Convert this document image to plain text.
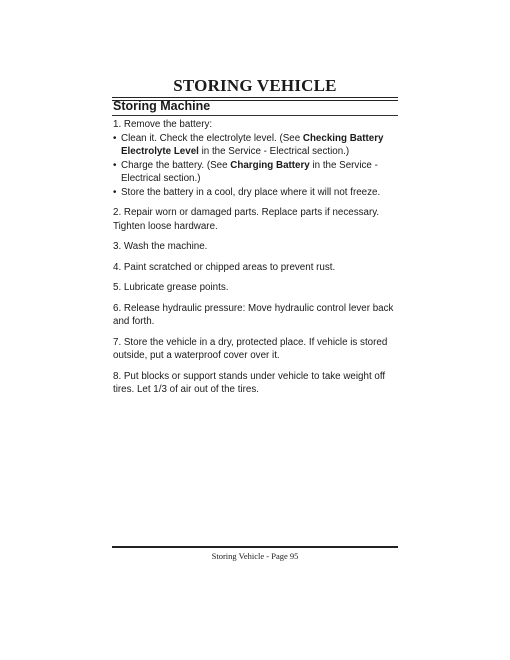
STORING VEHICLE
Storing Machine

1. Remove the battery:

• Clean it. Check the electrolyte level. (See Checking Battery Electrolyte Level in the Service - Electrical section.)

• Charge the battery. (See Charging Battery in the Service - Electrical section.)

• Store the battery in a cool, dry place where it will not freeze.

2. Repair worn or damaged parts. Replace parts if necessary. Tighten loose hardware.

3. Wash the machine.

4. Paint scratched or chipped areas to prevent rust.

5. Lubricate grease points.

6. Release hydraulic pressure: Move hydraulic control lever back and forth.

7. Store the vehicle in a dry, protected place. If vehicle is stored outside, put a waterproof cover over it.

8. Put blocks or support stands under vehicle to take weight off tires. Let 1/3 of air out of the tires.

Storing Vehicle - Page 95
